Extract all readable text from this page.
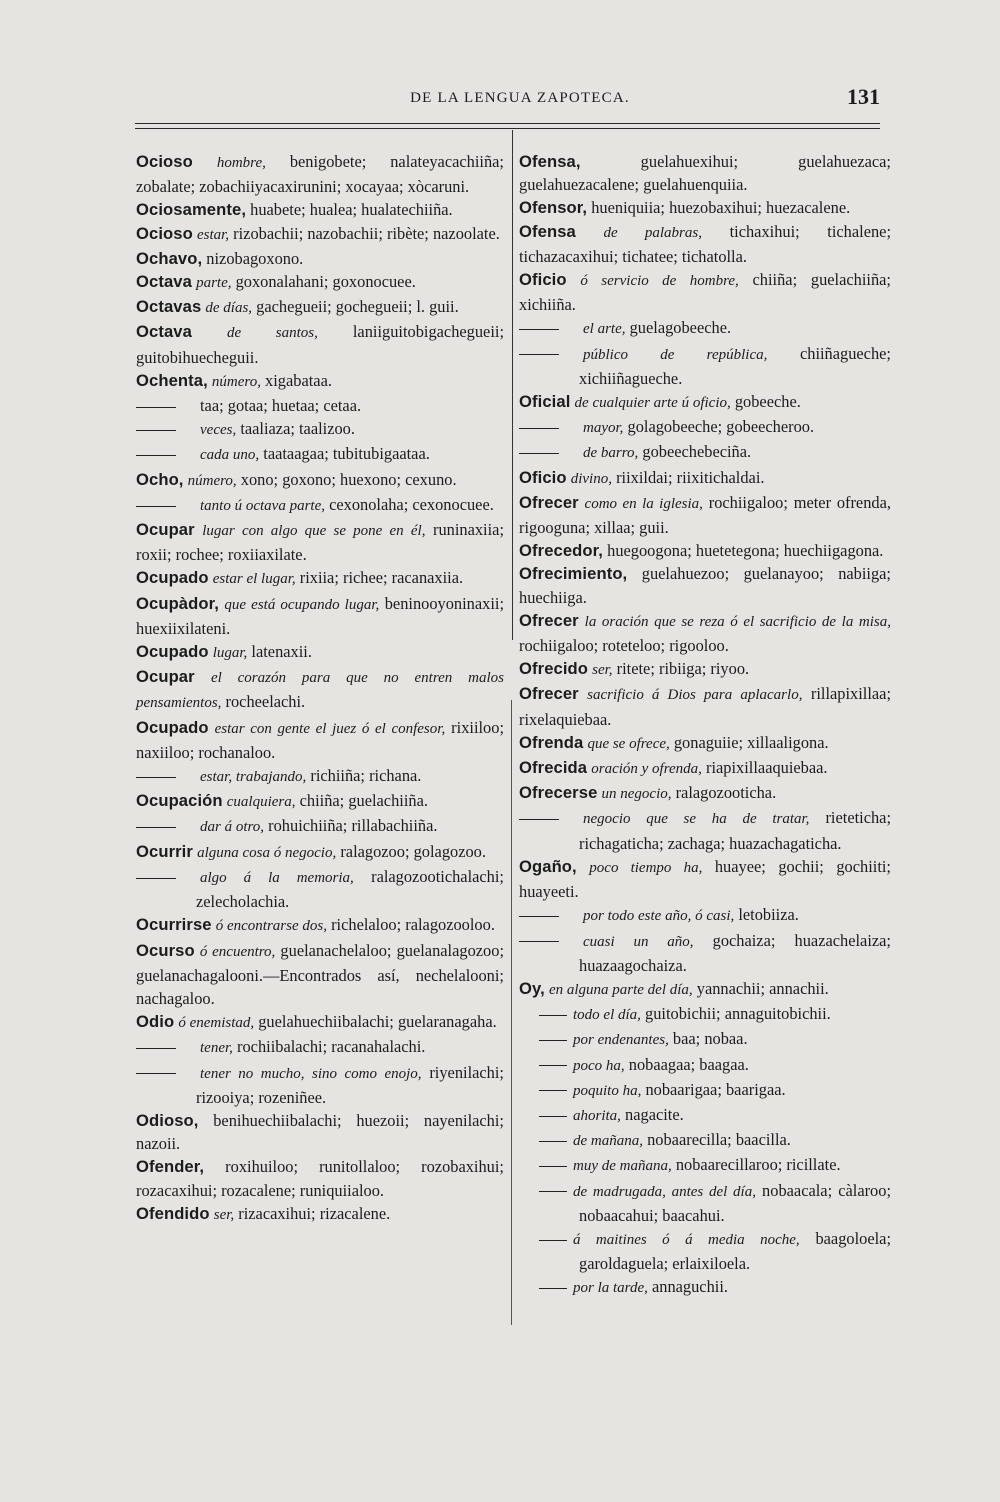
DE LA LENGUA ZAPOTECA.	131

Ocioso hombre, benigobete; nalateyacachiiña; zobalate; zobachiiyacaxirunini; xocayaa; xòcaruni.

Ociosamente, huabete; hualea; hualatechiiña.

Ocioso estar, rizobachii; nazobachii; ribète; nazoolate.

Ochavo, nizobagoxono.

Octava parte, goxonalahani; goxonocuee.

Octavas de días, gachegueii; gochegueii; l. guii.

Octava de santos, laniiguitobigachegueii; guitobihuecheguii.

Ochenta, número, xigabataa.

taa; gotaa; huetaa; cetaa.

veces, taaliaza; taalizoo.

cada uno, taataagaa; tubitubigaataa.

Ocho, número, xono; goxono; huexono; cexuno.

tanto ú octava parte, cexonolaha; cexonocuee.

Ocupar lugar con algo que se pone en él, runinaxiia; roxii; rochee; roxiiaxilate.

Ocupado estar el lugar, rixiia; richee; racanaxiia.

Ocupàdor, que está ocupando lugar, beninooyoninaxii; huexiixilateni.

Ocupado lugar, latenaxii.

Ocupar el corazón para que no entren malos pensamientos, rocheelachi.

Ocupado estar con gente el juez ó el confesor, rixiiloo; naxiiloo; rochanaloo.

estar, trabajando, richiiña; richana.

Ocupación cualquiera, chiiña; guelachiiña.

dar á otro, rohuichiiña; rillabachiiña.

Ocurrir alguna cosa ó negocio, ralagozoo; golagozoo.

algo á la memoria, ralagozootichalachi; zelecholachia.

Ocurrirse ó encontrarse dos, richelaloo; ralagozooloo.

Ocurso ó encuentro, guelanachelaloo; guelanalagozoo; guelanachagalooni.—Encontrados así, nechelalooni; nachagaloo.

Odio ó enemistad, guelahuechiibalachi; guelaranagaha.

tener, rochiibalachi; racanahalachi.

tener no mucho, sino como enojo, riyenilachi; rizooiya; rozeniñee.

Odioso, benihuechiibalachi; huezoii; nayenilachi; nazoii.

Ofender, roxihuiloo; runitollaloo; rozobaxihui; rozacaxihui; rozacalene; runiquiialoo.

Ofendido ser, rizacaxihui; rizacalene.

Ofensa,	guelahuexihui; guelahuezaca; guelahuezacalene; guelahuenquiia.

Ofensor, hueniquiia; huezobaxihui; huezacalene.

Ofensa de palabras, tichaxihui; tichalene; tichazacaxihui; tichatee; tichatolla.

Oficio ó servicio de hombre, chiiña; guelachiiña; xichiiña.

el arte, guelagobeeche.

público de república, chiiñagueche; xichiiñagueche.

Oficial de cualquier arte ú oficio, gobeeche.

mayor, golagobeeche; gobeecheroo.

de barro, gobeechebeciña.

Oficio divino, riixildai; riixitichaldai.

Ofrecer como en la iglesia, rochiigaloo; meter ofrenda, rigooguna; xillaa; guii.

Ofrecedor, huegoogona; huetetegona; huechiigagona.

Ofrecimiento, guelahuezoo; guelanayoo; nabiiga; huechiiga.

Ofrecer la oración que se reza ó el sacrificio de la misa, rochiigaloo; roteteloo; rigooloo.

Ofrecido ser, ritete; ribiiga; riyoo.

Ofrecer sacrificio á Dios para aplacarlo, rillapixillaa; rixelaquiebaa.

Ofrenda que se ofrece, gonaguiie; xillaaligona.

Ofrecida oración y ofrenda, riapixillaaquiebaa.

Ofrecerse un negocio, ralagozooticha.

negocio que se ha de tratar, rieteticha; richagaticha; zachaga; huazachagaticha.

Ogaño, poco tiempo ha, huayee; gochii; gochiiti; huayeeti.

por todo este año, ó casi, letobiiza.

cuasi un año, gochaiza; huazachelaiza; huazaagochaiza.

Oy, en alguna parte del día, yannachii; annachii.

todo el día, guitobichii; annaguitobichii.

por endenantes, baa; nobaa.

poco ha, nobaagaa; baagaa.

poquito ha, nobaarigaa; baarigaa.

ahorita, nagacite.

de mañana, nobaarecilla; baacilla.

muy de mañana, nobaarecillaroo; ricillate.

de madrugada, antes del día, nobaacala; càlaroo; nobaacahui; baacahui.

á maitines ó á media noche, baagoloela; garoldaguela; erlaixiloela.

por la tarde, annaguchii.
